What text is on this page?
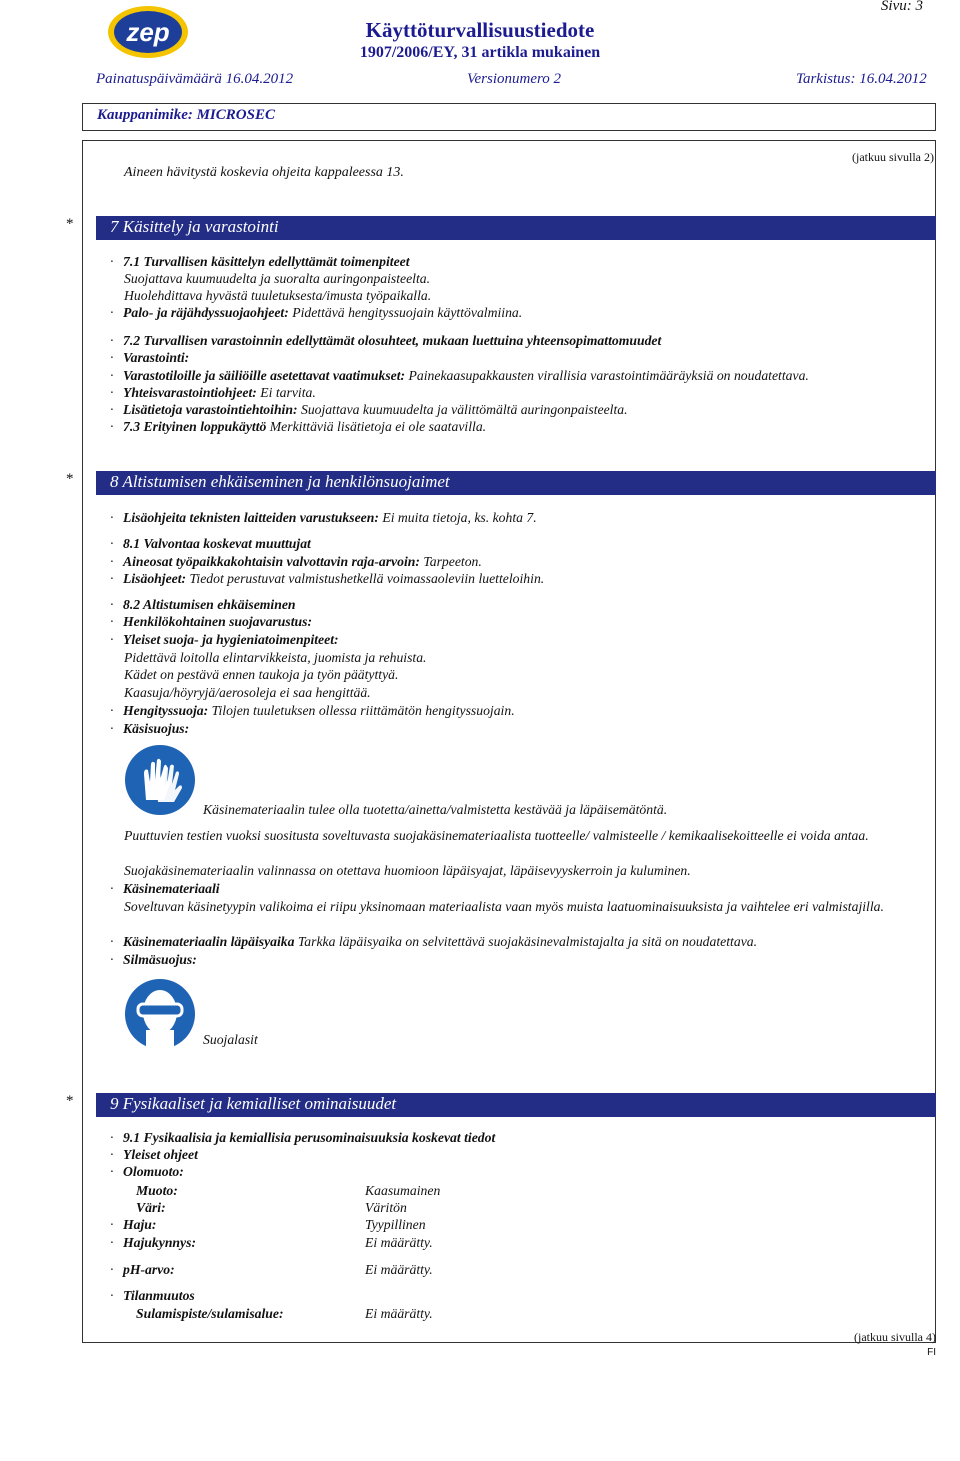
Sivu: 3
zep	Käyttöturvallisuustiedote
1907/2006/EY, 31 artikla mukainen
Painatuspäivämäärä 16.04.2012	Versionumero 2	Tarkistus: 16.04.2012
Kauppanimike: MICROSEC
(jatkuu sivulla 2)
Aineen hävitystä koskevia ohjeita kappaleessa 13.
* 7 Käsittely ja varastointi
· 7.1 Turvallisen käsittelyn edellyttämät toimenpiteet
Suojattava kuumuudelta ja suoralta auringonpaisteelta.
Huolehdittava hyvästä tuuletuksesta/imusta työpaikalla.
· Palo- ja räjähdyssuojaohjeet: Pidettävä hengityssuojain käyttövalmiina.
· 7.2 Turvallisen varastoinnin edellyttämät olosuhteet, mukaan luettuina yhteensopimattomuudet
· Varastointi:
· Varastotiloille ja säiliöille asetettavat vaatimukset: Painekaasupakkausten virallisia varastointimääräyksiä on noudatettava.
· Yhteisvarastointiohjeet: Ei tarvita.
· Lisätietoja varastointiehtoihin: Suojattava kuumuudelta ja välittömältä auringonpaisteelta.
· 7.3 Erityinen loppukäyttö Merkittäviä lisätietoja ei ole saatavilla.
* 8 Altistumisen ehkäiseminen ja henkilönsuojaimet
· Lisäohjeita teknisten laitteiden varustukseen: Ei muita tietoja, ks. kohta 7.
· 8.1 Valvontaa koskevat muuttujat
· Aineosat työpaikkakohtaisin valvottavin raja-arvoin: Tarpeeton.
· Lisäohjeet: Tiedot perustuvat valmistushetkellä voimassaoleviin luetteloihin.
· 8.2 Altistumisen ehkäiseminen
· Henkilökohtainen suojavarustus:
· Yleiset suoja- ja hygieniatoimenpiteet:
Pidettävä loitolla elintarvikkeista, juomista ja rehuista.
Kädet on pestävä ennen taukoja ja työn päätyttyä.
Kaasuja/höyryjä/aerosoleja ei saa hengittää.
· Hengityssuoja: Tilojen tuuletuksen ollessa riittämätön hengityssuojain.
· Käsisuojus:
Käsinemateriaalin tulee olla tuotetta/ainetta/valmistetta kestävää ja läpäisemätöntä.
Puuttuvien testien vuoksi suositusta soveltuvasta suojakäsinemateriaalista tuotteelle/ valmisteelle / kemikaalisekoitteelle ei voida antaa.
Suojakäsinemateriaalin valinnassa on otettava huomioon läpäisyajat, läpäisevyyskerroin ja kuluminen.
· Käsinemateriaali
Soveltuvan käsinetyypin valikoima ei riipu yksinomaan materiaalista vaan myös muista laatuominaisuuksista ja vaihtelee eri valmistajilla.
· Käsinemateriaalin läpäisyaika Tarkka läpäisyaika on selvitettävä suojakäsinevalmistajalta ja sitä on noudatettava.
· Silmäsuojus:
Suojalasit
* 9 Fysikaaliset ja kemialliset ominaisuudet
· 9.1 Fysikaalisia ja kemiallisia perusominaisuuksia koskevat tiedot
· Yleiset ohjeet
· Olomuoto:
Muoto:	Kaasumainen
Väri:	Väritön
· Haju:	Tyypillinen
· Hajukynnys:	Ei määrätty.
· pH-arvo:	Ei määrätty.
· Tilanmuutos
Sulamispiste/sulamisalue:	Ei määrätty.
(jatkuu sivulla 4)
FI
